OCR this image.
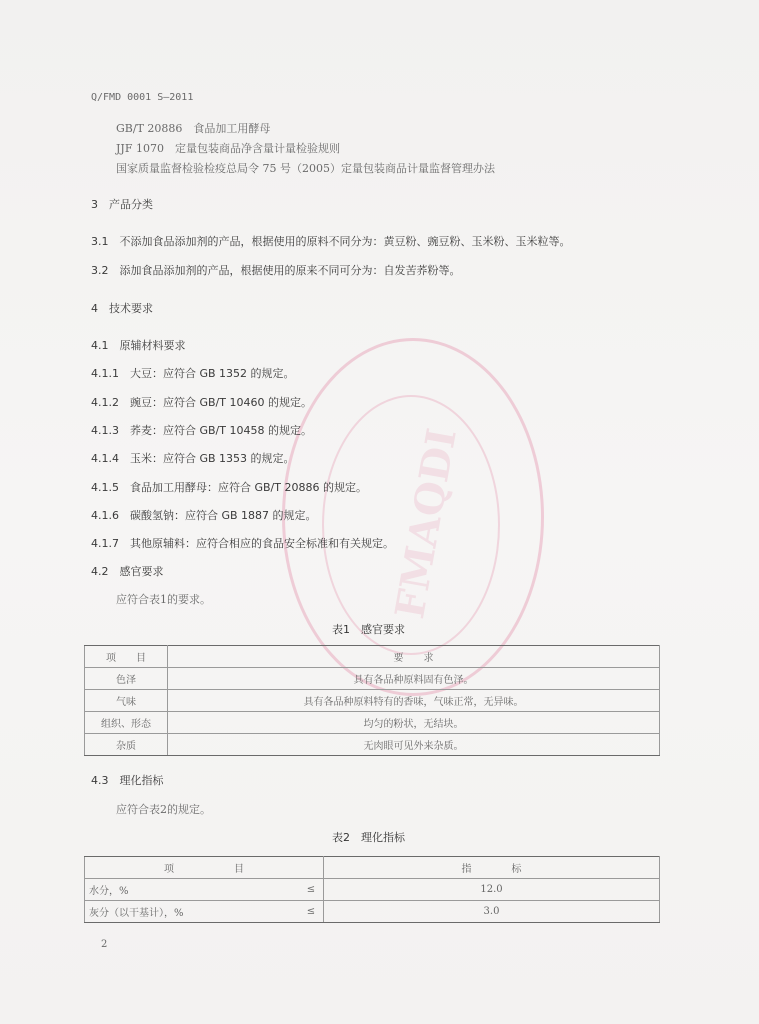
FMAQDI
Q/FMD 0001 S—2011
GB/T 20886　食品加工用酵母
JJF 1070　定量包装商品净含量计量检验规则
国家质量监督检验检疫总局令 75 号（2005）定量包装商品计量监督管理办法
3　产品分类
3.1　不添加食品添加剂的产品，根据使用的原料不同分为：黄豆粉、豌豆粉、玉米粉、玉米粒等。
3.2　添加食品添加剂的产品，根据使用的原来不同可分为：自发苦荞粉等。
4　技术要求
4.1　原辅材料要求
4.1.1　大豆：应符合 GB 1352 的规定。
4.1.2　豌豆：应符合 GB/T 10460 的规定。
4.1.3　荞麦：应符合 GB/T 10458 的规定。
4.1.4　玉米：应符合 GB 1353 的规定。
4.1.5　食品加工用酵母：应符合 GB/T 20886 的规定。
4.1.6　碳酸氢钠：应符合 GB 1887 的规定。
4.1.7　其他原辅料：应符合相应的食品安全标准和有关规定。
4.2　感官要求
应符合表1的要求。
表1　感官要求
项　　目	要　　求
色泽	具有各品种原料固有色泽。
气味	具有各品种原料特有的香味，气味正常，无异味。
组织、形态	均匀的粉状，无结块。
杂质	无肉眼可见外来杂质。
4.3　理化指标
应符合表2的规定。
表2　理化指标
项　　　　　　目		指　　　　标
水分，%	≤	12.0
灰分（以干基计），%	≤	3.0
2
